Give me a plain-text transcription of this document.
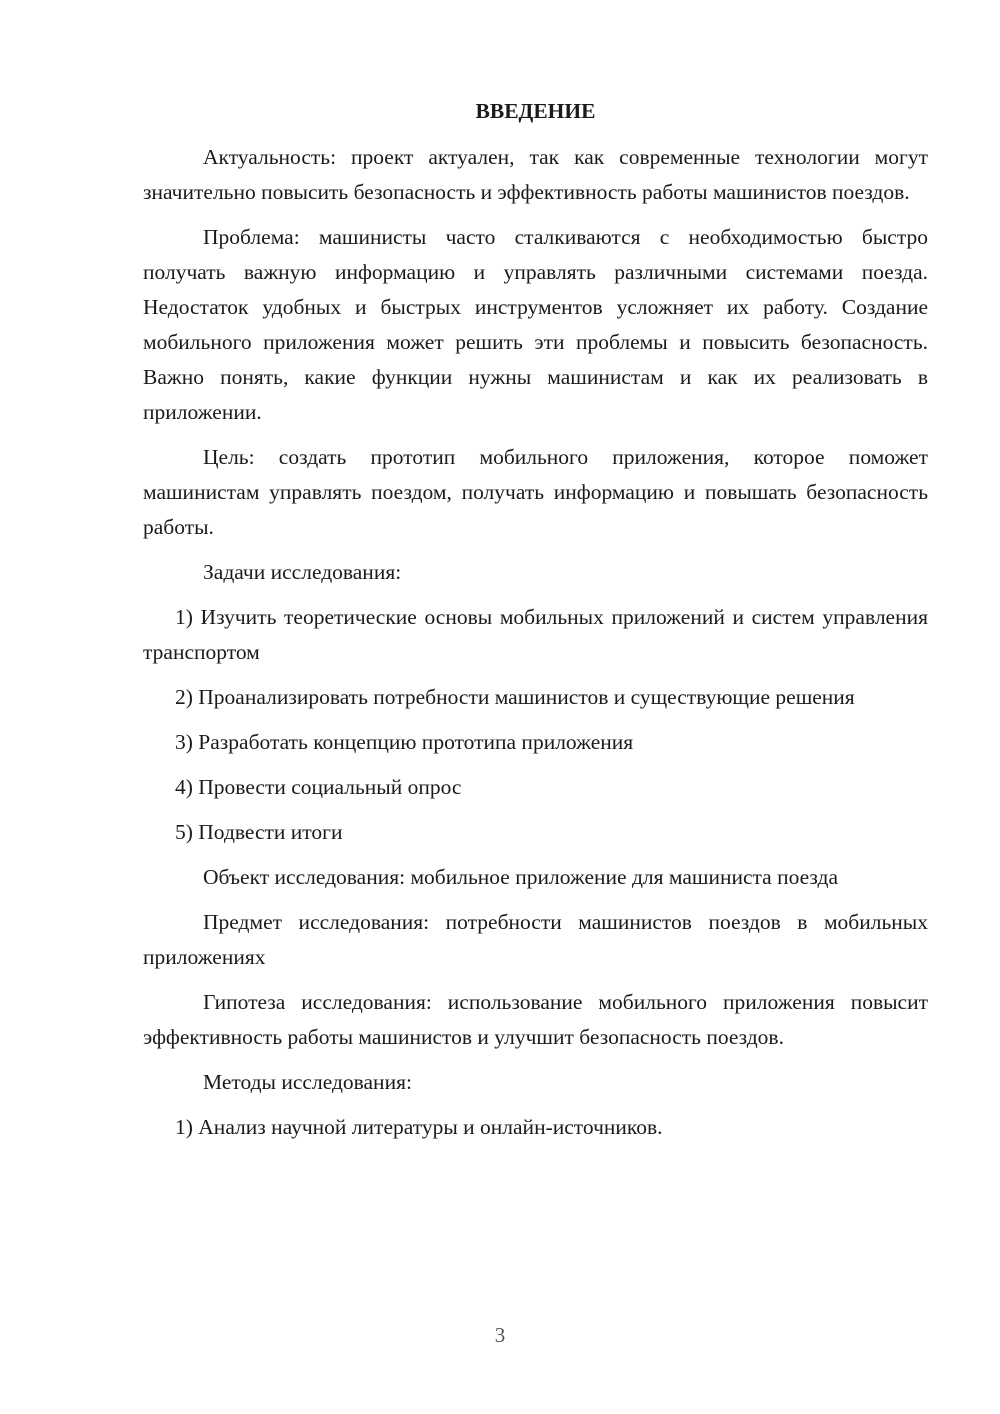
ВВЕДЕНИЕ

Актуальность: проект актуален, так как современные технологии могут значительно повысить безопасность и эффективность работы машинистов поездов.

Проблема: машинисты часто сталкиваются с необходимостью быстро получать важную информацию и управлять различными системами поезда. Недостаток удобных и быстрых инструментов усложняет их работу. Создание мобильного приложения может решить эти проблемы и повысить безопасность. Важно понять, какие функции нужны машинистам и как их реализовать в приложении.

Цель: создать прототип мобильного приложения, которое поможет машинистам управлять поездом, получать информацию и повышать безопасность работы.

Задачи исследования:

1) Изучить теоретические основы мобильных приложений и систем управления транспортом

2) Проанализировать потребности машинистов и существующие решения

3) Разработать концепцию прототипа приложения

4) Провести социальный опрос

5) Подвести итоги

Объект исследования: мобильное приложение для машиниста поезда

Предмет исследования: потребности машинистов поездов в мобильных приложениях

Гипотеза исследования: использование мобильного приложения повысит эффективность работы машинистов и улучшит безопасность поездов.

Методы исследования:

1) Анализ научной литературы и онлайн-источников.

3
